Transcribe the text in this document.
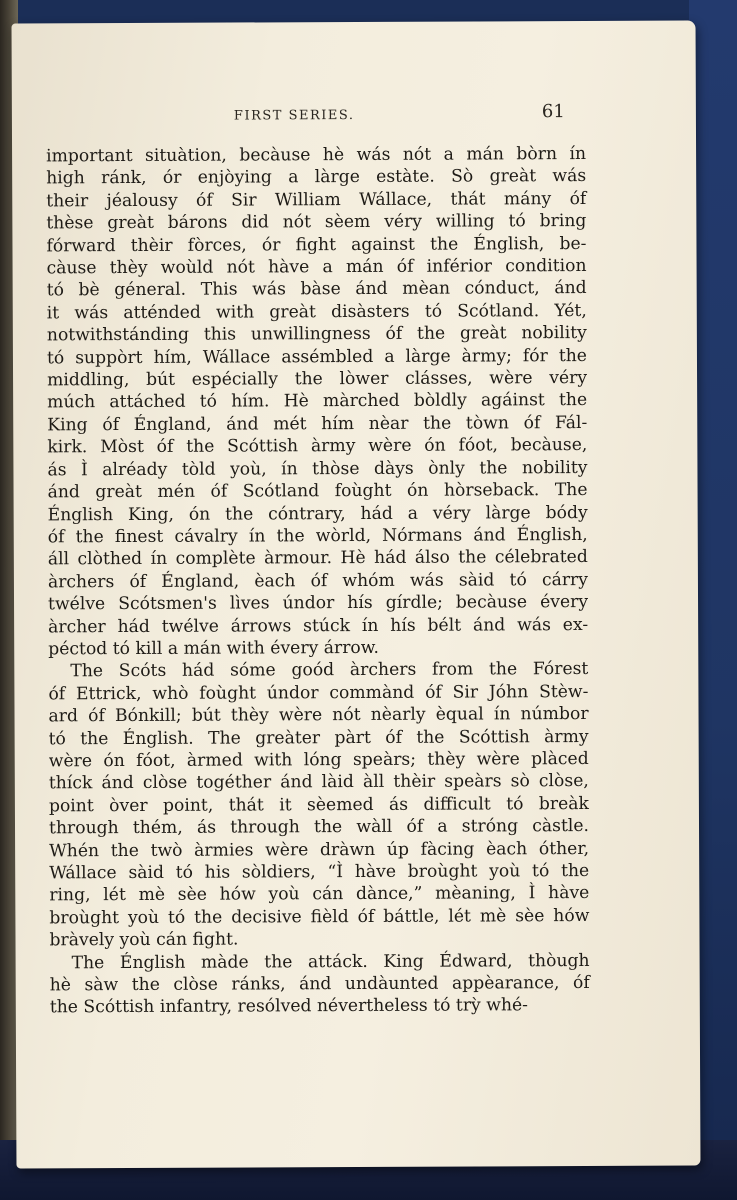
FIRST SERIES.	61
important situàtion, becàuse hè wás nót a mán bòrn ín
high ránk, ór enjòying a làrge estàte. Sò greàt wás
their jéalousy óf Sir William Wállace, thát mány óf
thèse greàt bárons did nót sèem véry willing tó bring
fórward thèir fòrces, ór fight against the Énglish, be-
càuse thèy woùld nót hàve a mán óf inférior condition
tó bè géneral. This wás bàse ánd mèan cónduct, ánd
it wás atténded with greàt disàsters tó Scótland. Yét,
notwithstánding this unwillingness óf the greàt nobility
tó suppòrt hím, Wállace assémbled a làrge àrmy; fór the
middling, bút espécially the lòwer clásses, wère véry
múch attáched tó hím. Hè màrched bòldly agáinst the
King óf Éngland, ánd mét hím nèar the tòwn óf Fál-
kirk. Mòst óf the Scóttish àrmy wère ón fóot, becàuse,
ás Ì alréady tòld yoù, ín thòse dàys ònly the nobility
ánd greàt mén óf Scótland foùght ón hòrseback. The
Énglish King, ón the cóntrary, hád a véry làrge bódy
óf the finest cávalry ín the wòrld, Nórmans ánd Énglish,
áll clòthed ín complète àrmour. Hè hád álso the célebrated
àrchers óf Éngland, èach óf whóm wás sàid tó cárry
twélve Scótsmen's lìves úndor hís gírdle; becàuse évery
àrcher hád twélve árrows stúck ín hís bélt ánd wás ex-
péctod tó kill a mán with évery árrow.
The Scóts hád sóme goód àrchers from the Fórest
óf Ettrick, whò foùght úndor commànd óf Sir Jóhn Stèw-
ard óf Bónkill; bút thèy wère nót nèarly èqual ín númbor
tó the Énglish. The greàter pàrt óf the Scóttish àrmy
wère ón fóot, àrmed with lóng speàrs; thèy wère plàced
thíck ánd clòse togéther ánd làid àll thèir speàrs sò clòse,
point òver point, thát it sèemed ás difficult tó breàk
through thém, ás through the wàll óf a stróng càstle.
Whén the twò àrmies wère dràwn úp fàcing èach óther,
Wállace sàid tó his sòldiers, “Ì hàve broùght yoù tó the
ring, lét mè sèe hów yoù cán dànce,” mèaning, Ì hàve
broùght yoù tó the decisive fièld óf báttle, lét mè sèe hów
bràvely yoù cán fight.
The Énglish màde the attáck. King Édward, thòugh
hè sàw the clòse ránks, ánd undàunted appèarance, óf
the Scóttish infantry, resólved névertheless tó trỳ whé-
